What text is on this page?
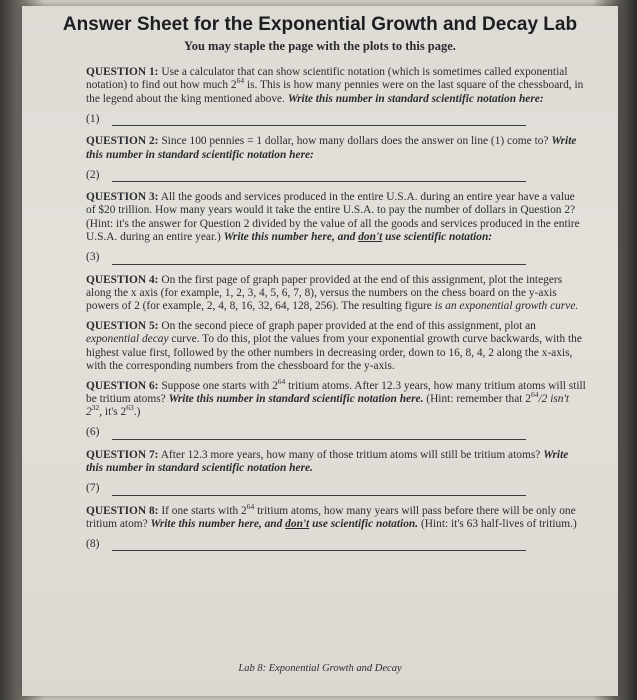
Answer Sheet for the Exponential Growth and Decay Lab
You may staple the page with the plots to this page.

QUESTION 1: Use a calculator that can show scientific notation (which is sometimes called exponential notation) to find out how much $2^{64}$ is. This is how many pennies were on the last square of the chessboard, in the legend about the king mentioned above. Write this number in standard scientific notation here:

(1)

QUESTION 2: Since 100 pennies = 1 dollar, how many dollars does the answer on line (1) come to? Write this number in standard scientific notation here:

(2)

QUESTION 3: All the goods and services produced in the entire U.S.A. during an entire year have a value of $20 trillion. How many years would it take the entire U.S.A. to pay the number of dollars in Question 2? (Hint: it's the answer for Question 2 divided by the value of all the goods and services produced in the entire U.S.A. during an entire year.) Write this number here, and don't use scientific notation:

(3)

QUESTION 4: On the first page of graph paper provided at the end of this assignment, plot the integers along the x axis (for example, 1, 2, 3, 4, 5, 6, 7, 8), versus the numbers on the chess board on the y-axis powers of 2 (for example, 2, 4, 8, 16, 32, 64, 128, 256). The resulting figure is an exponential growth curve.

QUESTION 5: On the second piece of graph paper provided at the end of this assignment, plot an exponential decay curve. To do this, plot the values from your exponential growth curve backwards, with the highest value first, followed by the other numbers in decreasing order, down to 16, 8, 4, 2 along the x-axis, with the corresponding numbers from the chessboard for the y-axis.

QUESTION 6: Suppose one starts with $2^{64}$ tritium atoms. After 12.3 years, how many tritium atoms will still be tritium atoms? Write this number in standard scientific notation here. (Hint: remember that $2^{64}/2$ isn't $2^{32}$, it's $2^{63}$.)

(6)

QUESTION 7: After 12.3 more years, how many of those tritium atoms will still be tritium atoms? Write this number in standard scientific notation here.

(7)

QUESTION 8: If one starts with $2^{64}$ tritium atoms, how many years will pass before there will be only one tritium atom? Write this number here, and don't use scientific notation. (Hint: it's 63 half-lives of tritium.)

(8)
Lab 8: Exponential Growth and Decay
